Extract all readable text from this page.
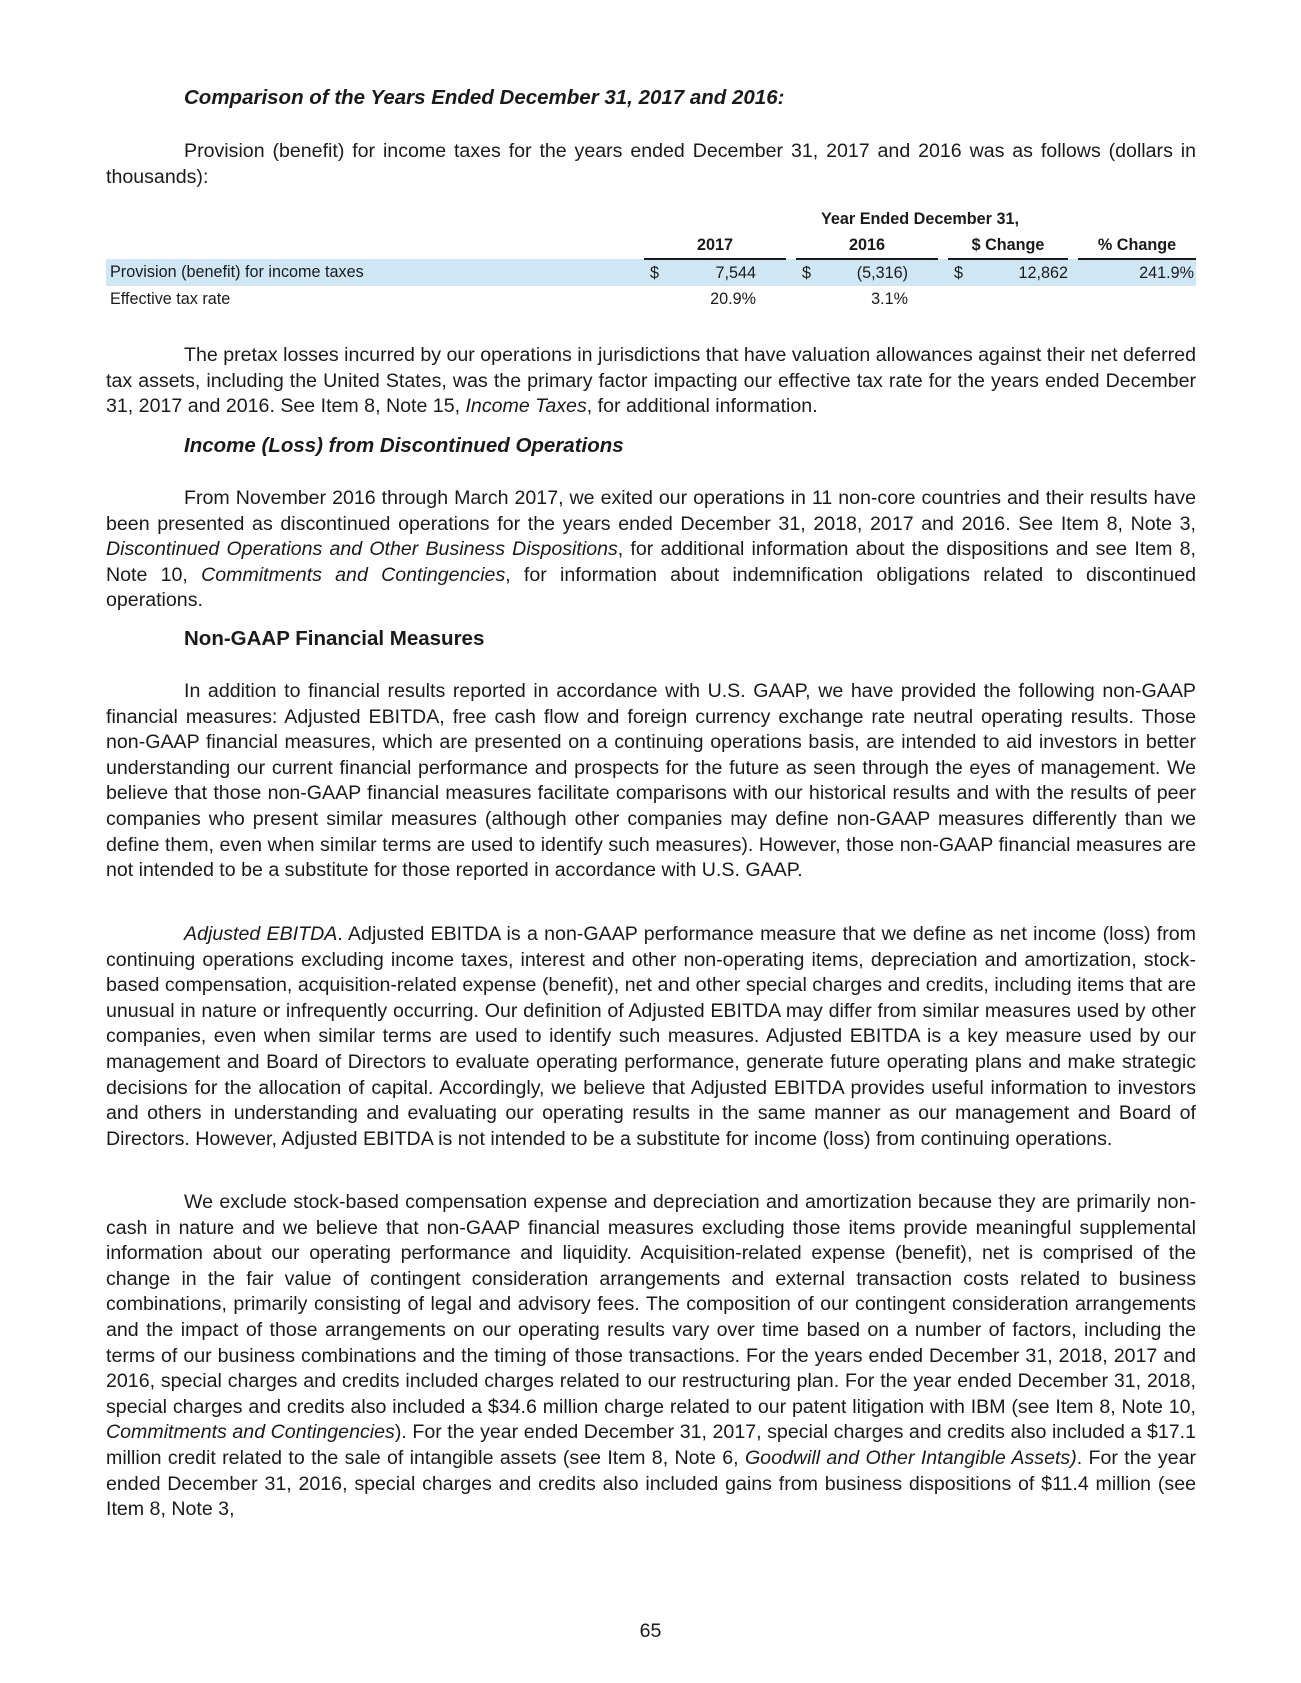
Comparison of the Years Ended December 31, 2017 and 2016:

Provision (benefit) for income taxes for the years ended December 31, 2017 and 2016 was as follows (dollars in thousands):

		Year Ended December 31,											
		2017				2016				$ Change			% Change
Provision (benefit) for income taxes		$	7,544			$	(5,316)			$	12,862		241.9%
Effective tax rate			20.9%				3.1%						

The pretax losses incurred by our operations in jurisdictions that have valuation allowances against their net deferred tax assets, including the United States, was the primary factor impacting our effective tax rate for the years ended December 31, 2017 and 2016. See Item 8, Note 15, Income Taxes, for additional information.

Income (Loss) from Discontinued Operations

From November 2016 through March 2017, we exited our operations in 11 non-core countries and their results have been presented as discontinued operations for the years ended December 31, 2018, 2017 and 2016. See Item 8, Note 3, Discontinued Operations and Other Business Dispositions, for additional information about the dispositions and see Item 8, Note 10, Commitments and Contingencies, for information about indemnification obligations related to discontinued operations.

Non-GAAP Financial Measures

In addition to financial results reported in accordance with U.S. GAAP, we have provided the following non-GAAP financial measures: Adjusted EBITDA, free cash flow and foreign currency exchange rate neutral operating results. Those non-GAAP financial measures, which are presented on a continuing operations basis, are intended to aid investors in better understanding our current financial performance and prospects for the future as seen through the eyes of management. We believe that those non-GAAP financial measures facilitate comparisons with our historical results and with the results of peer companies who present similar measures (although other companies may define non-GAAP measures differently than we define them, even when similar terms are used to identify such measures). However, those non-GAAP financial measures are not intended to be a substitute for those reported in accordance with U.S. GAAP.

Adjusted EBITDA. Adjusted EBITDA is a non-GAAP performance measure that we define as net income (loss) from continuing operations excluding income taxes, interest and other non-operating items, depreciation and amortization, stock-based compensation, acquisition-related expense (benefit), net and other special charges and credits, including items that are unusual in nature or infrequently occurring. Our definition of Adjusted EBITDA may differ from similar measures used by other companies, even when similar terms are used to identify such measures. Adjusted EBITDA is a key measure used by our management and Board of Directors to evaluate operating performance, generate future operating plans and make strategic decisions for the allocation of capital. Accordingly, we believe that Adjusted EBITDA provides useful information to investors and others in understanding and evaluating our operating results in the same manner as our management and Board of Directors. However, Adjusted EBITDA is not intended to be a substitute for income (loss) from continuing operations.

We exclude stock-based compensation expense and depreciation and amortization because they are primarily non-cash in nature and we believe that non-GAAP financial measures excluding those items provide meaningful supplemental information about our operating performance and liquidity. Acquisition-related expense (benefit), net is comprised of the change in the fair value of contingent consideration arrangements and external transaction costs related to business combinations, primarily consisting of legal and advisory fees. The composition of our contingent consideration arrangements and the impact of those arrangements on our operating results vary over time based on a number of factors, including the terms of our business combinations and the timing of those transactions. For the years ended December 31, 2018, 2017 and 2016, special charges and credits included charges related to our restructuring plan. For the year ended December 31, 2018, special charges and credits also included a $34.6 million charge related to our patent litigation with IBM (see Item 8, Note 10, Commitments and Contingencies). For the year ended December 31, 2017, special charges and credits also included a $17.1 million credit related to the sale of intangible assets (see Item 8, Note 6, Goodwill and Other Intangible Assets). For the year ended December 31, 2016, special charges and credits also included gains from business dispositions of $11.4 million (see Item 8, Note 3,

65
